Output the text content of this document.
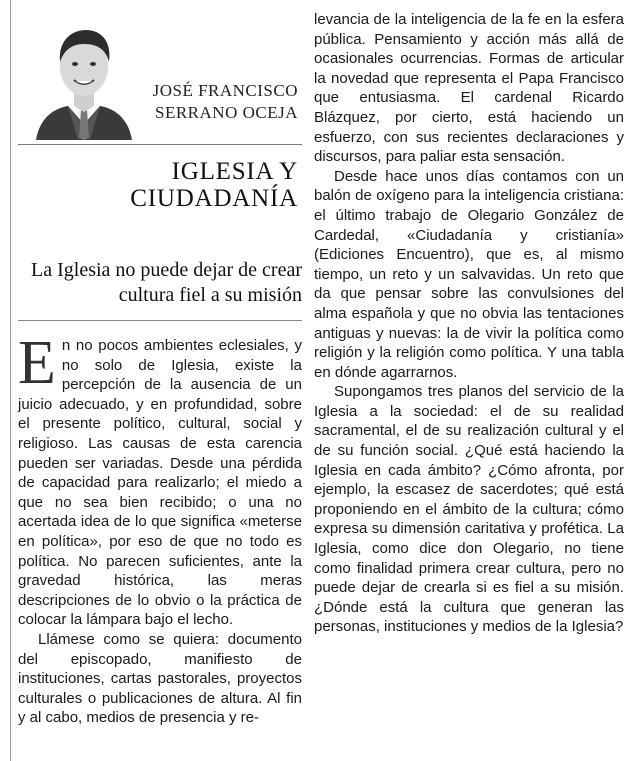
JOSÉ FRANCISCO
SERRANO OCEJA
IGLESIA Y
CIUDADANÍA
La Iglesia no puede dejar de crear cultura fiel a su misión

En no pocos ambientes eclesiales, y no solo de Iglesia, existe la percepción de la ausencia de un juicio adecuado, y en profundidad, sobre el presente político, cultural, social y religioso. Las causas de esta carencia pueden ser variadas. Desde una pérdida de capacidad para realizarlo; el miedo a que no sea bien recibido; o una no acertada idea de lo que significa «meterse en política», por eso de que no todo es política. No parecen suficientes, ante la gravedad histórica, las meras descripciones de lo obvio o la práctica de colocar la lámpara bajo el lecho.

Llámese como se quiera: documento del episcopado, manifiesto de instituciones, cartas pastorales, proyectos culturales o publicaciones de altura. Al fin y al cabo, medios de presencia y re-

levancia de la inteligencia de la fe en la esfera pública. Pensamiento y acción más allá de ocasionales ocurrencias. Formas de articular la novedad que representa el Papa Francisco que entusiasma. El cardenal Ricardo Blázquez, por cierto, está haciendo un esfuerzo, con sus recientes declaraciones y discursos, para paliar esta sensación.

Desde hace unos días contamos con un balón de oxígeno para la inteligencia cristiana: el último trabajo de Olegario González de Cardedal, «Ciudadanía y cristianía» (Ediciones Encuentro), que es, al mismo tiempo, un reto y un salvavidas. Un reto que da que pensar sobre las convulsiones del alma española y que no obvia las tentaciones antiguas y nuevas: la de vivir la política como religión y la religión como política. Y una tabla en dónde agarrarnos.

Supongamos tres planos del servicio de la Iglesia a la sociedad: el de su realidad sacramental, el de su realización cultural y el de su función social. ¿Qué está haciendo la Iglesia en cada ámbito? ¿Cómo afronta, por ejemplo, la escasez de sacerdotes; qué está proponiendo en el ámbito de la cultura; cómo expresa su dimensión caritativa y profética. La Iglesia, como dice don Olegario, no tiene como finalidad primera crear cultura, pero no puede dejar de crearla si es fiel a su misión. ¿Dónde está la cultura que generan las personas, instituciones y medios de la Iglesia?
